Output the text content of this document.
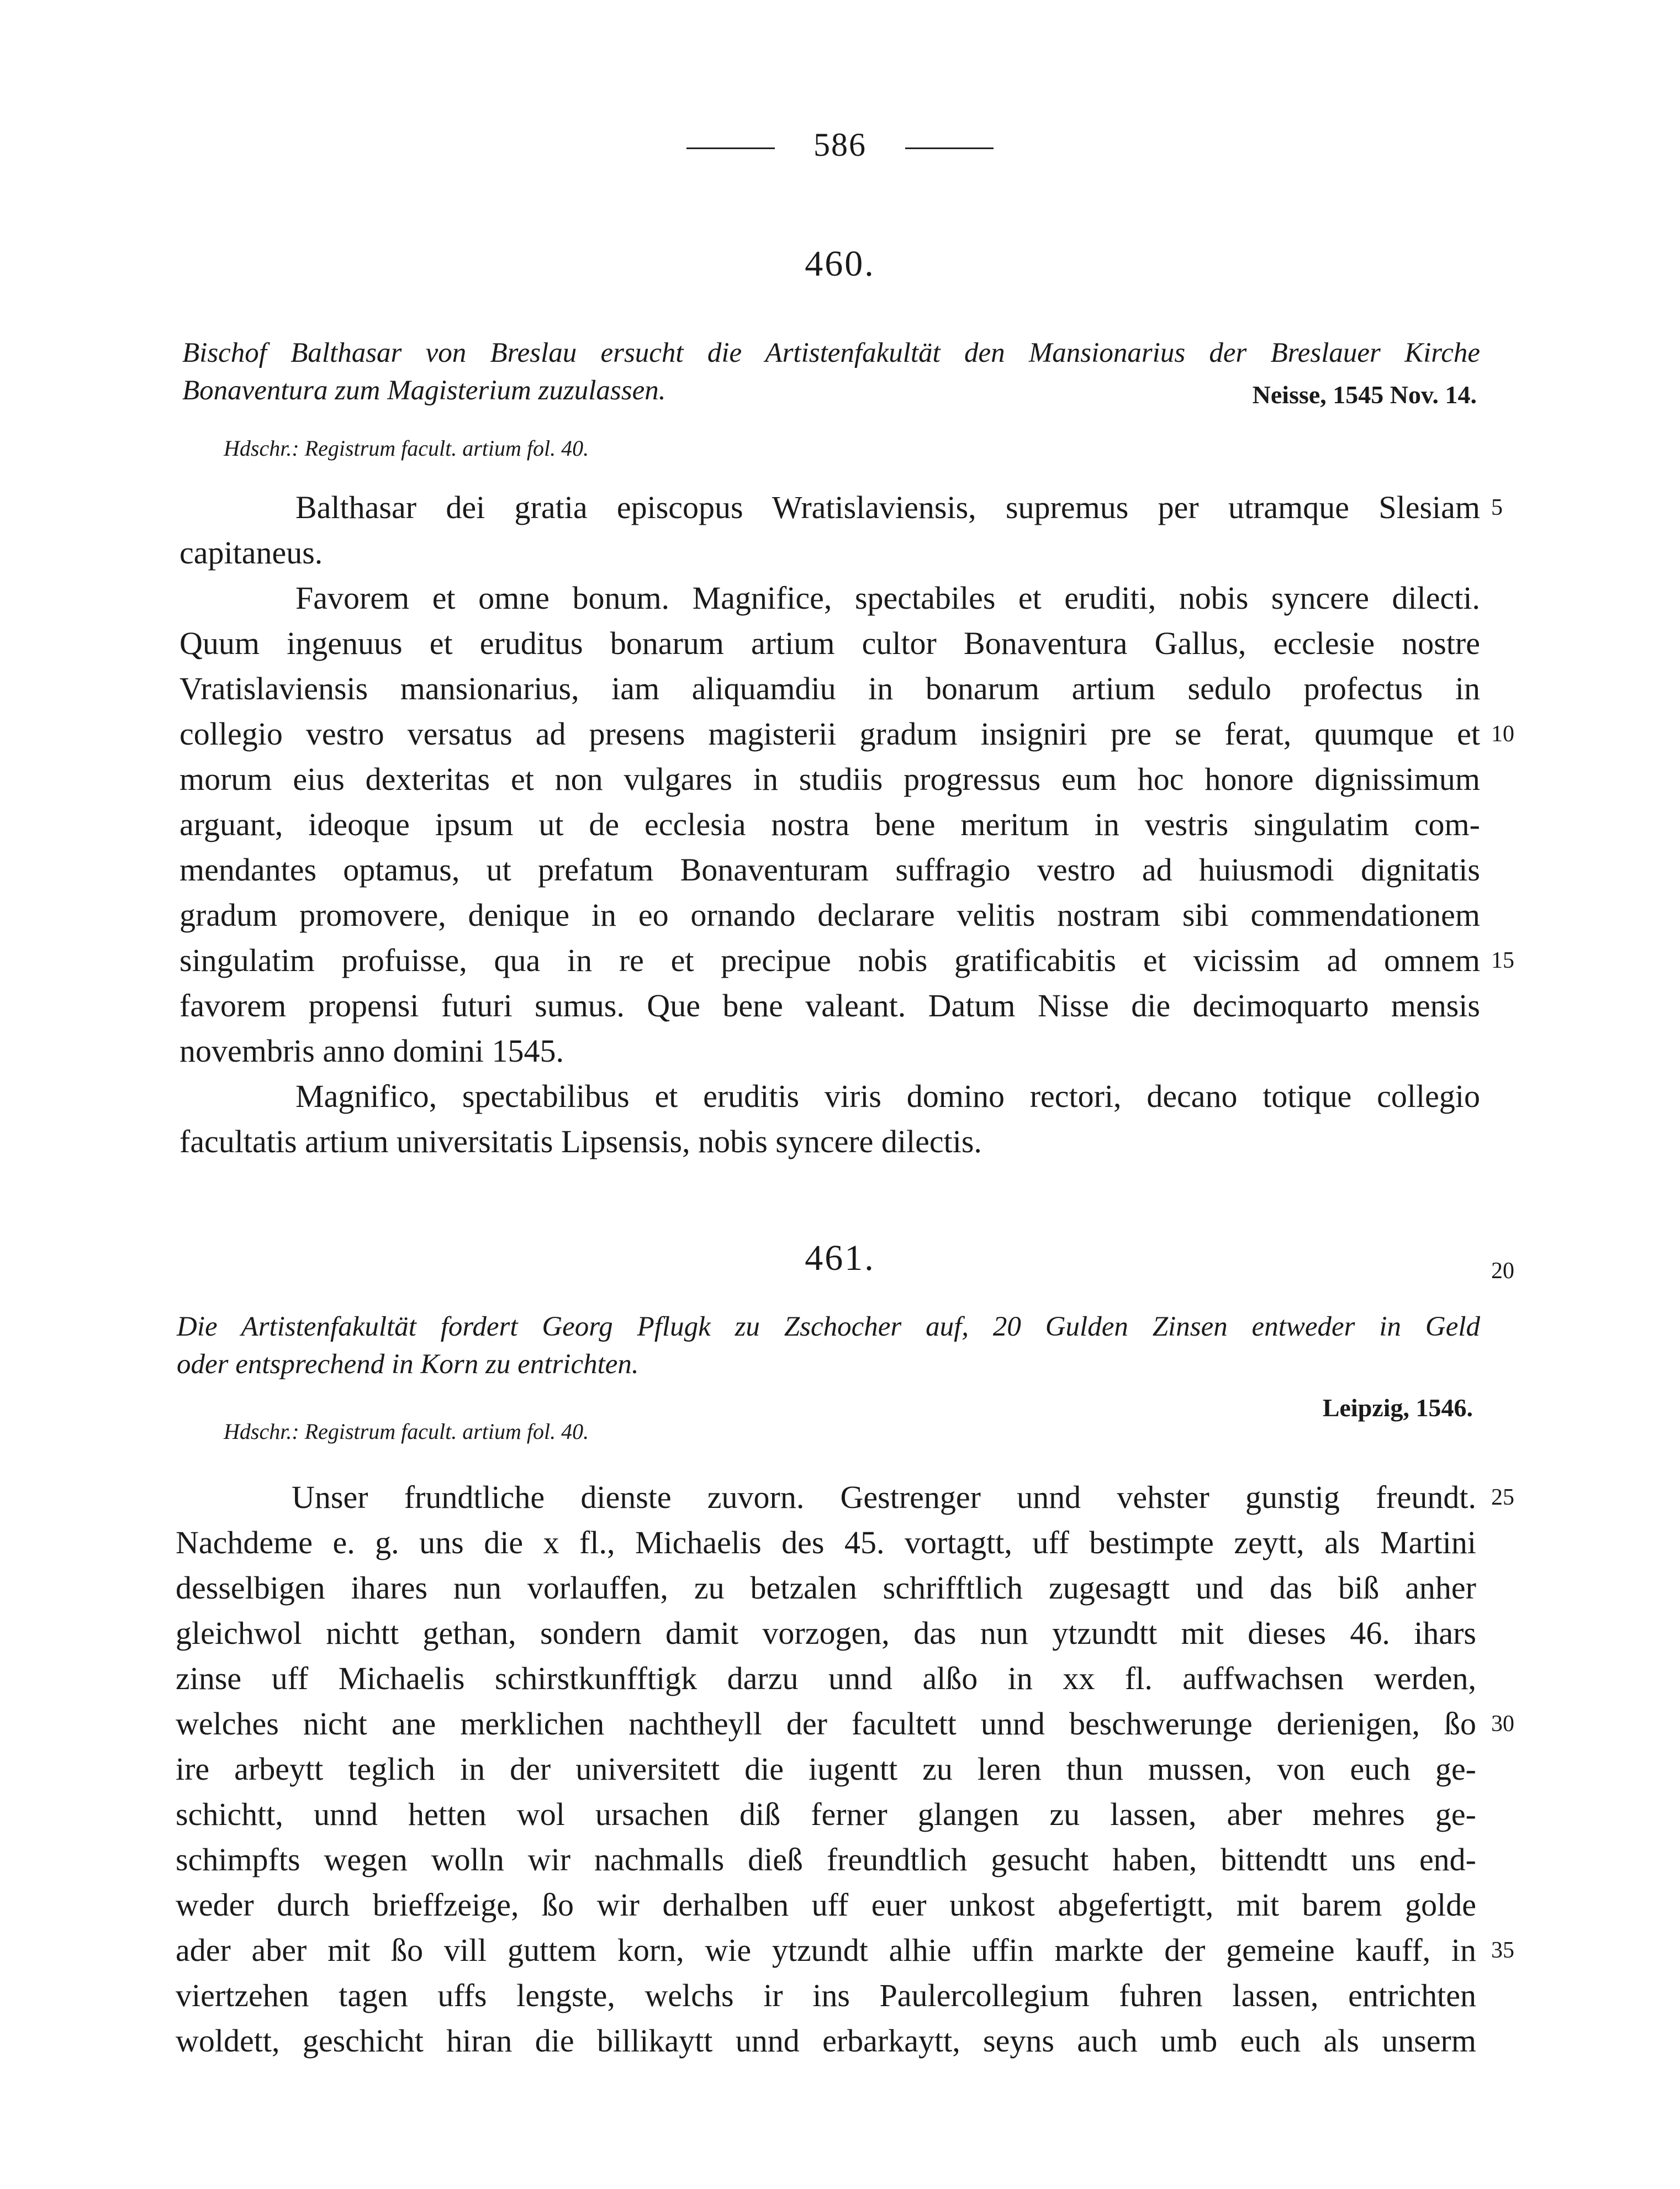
586
460.
Bischof Balthasar von Breslau ersucht die Artistenfakultät den Mansionarius der Breslauer Kirche
Bonaventura zum Magisterium zuzulassen.	Neisse, 1545 Nov. 14.
Hdschr.: Registrum facult. artium fol. 40.
Balthasar dei gratia episcopus Wratislaviensis, supremus per utramque Slesiam
capitaneus.
Favorem et omne bonum. Magnifice, spectabiles et eruditi, nobis syncere dilecti.
Quum ingenuus et eruditus bonarum artium cultor Bonaventura Gallus, ecclesie nostre
Vratislaviensis mansionarius, iam aliquamdiu in bonarum artium sedulo profectus in
collegio vestro versatus ad presens magisterii gradum insigniri pre se ferat, quumque et
morum eius dexteritas et non vulgares in studiis progressus eum hoc honore dignissimum
arguant, ideoque ipsum ut de ecclesia nostra bene meritum in vestris singulatim com-
mendantes optamus, ut prefatum Bonaventuram suffragio vestro ad huiusmodi dignitatis
gradum promovere, denique in eo ornando declarare velitis nostram sibi commendationem
singulatim profuisse, qua in re et precipue nobis gratificabitis et vicissim ad omnem
favorem propensi futuri sumus. Que bene valeant. Datum Nisse die decimoquarto mensis
novembris anno domini 1545.
Magnifico, spectabilibus et eruditis viris domino rectori, decano totique collegio
facultatis artium universitatis Lipsensis, nobis syncere dilectis.
5
10
15
461.	20
Die Artistenfakultät fordert Georg Pflugk zu Zschocher auf, 20 Gulden Zinsen entweder in Geld
oder entsprechend in Korn zu entrichten.
Leipzig, 1546.
Hdschr.: Registrum facult. artium fol. 40.
Unser frundtliche dienste zuvorn. Gestrenger unnd vehster gunstig freundt.
Nachdeme e. g. uns die x fl., Michaelis des 45. vortagtt, uff bestimpte zeytt, als Martini
desselbigen ihares nun vorlauffen, zu betzalen schrifftlich zugesagtt und das biß anher
gleichwol nichtt gethan, sondern damit vorzogen, das nun ytzundtt mit dieses 46. ihars
zinse uff Michaelis schirstkunfftigk darzu unnd alßo in xx fl. auffwachsen werden,
welches nicht ane merklichen nachtheyll der facultett unnd beschwerunge derienigen, ßo
ire arbeytt teglich in der universitett die iugentt zu leren thun mussen, von euch ge-
schichtt, unnd hetten wol ursachen diß ferner glangen zu lassen, aber mehres ge-
schimpfts wegen wolln wir nachmalls dieß freundtlich gesucht haben, bittendtt uns end-
weder durch brieffzeige, ßo wir derhalben uff euer unkost abgefertigtt, mit barem golde
ader aber mit ßo vill guttem korn, wie ytzundt alhie uffin markte der gemeine kauff, in
viertzehen tagen uffs lengste, welchs ir ins Paulercollegium fuhren lassen, entrichten
woldett, geschicht hiran die billikaytt unnd erbarkaytt, seyns auch umb euch als unserm
25
30
35
